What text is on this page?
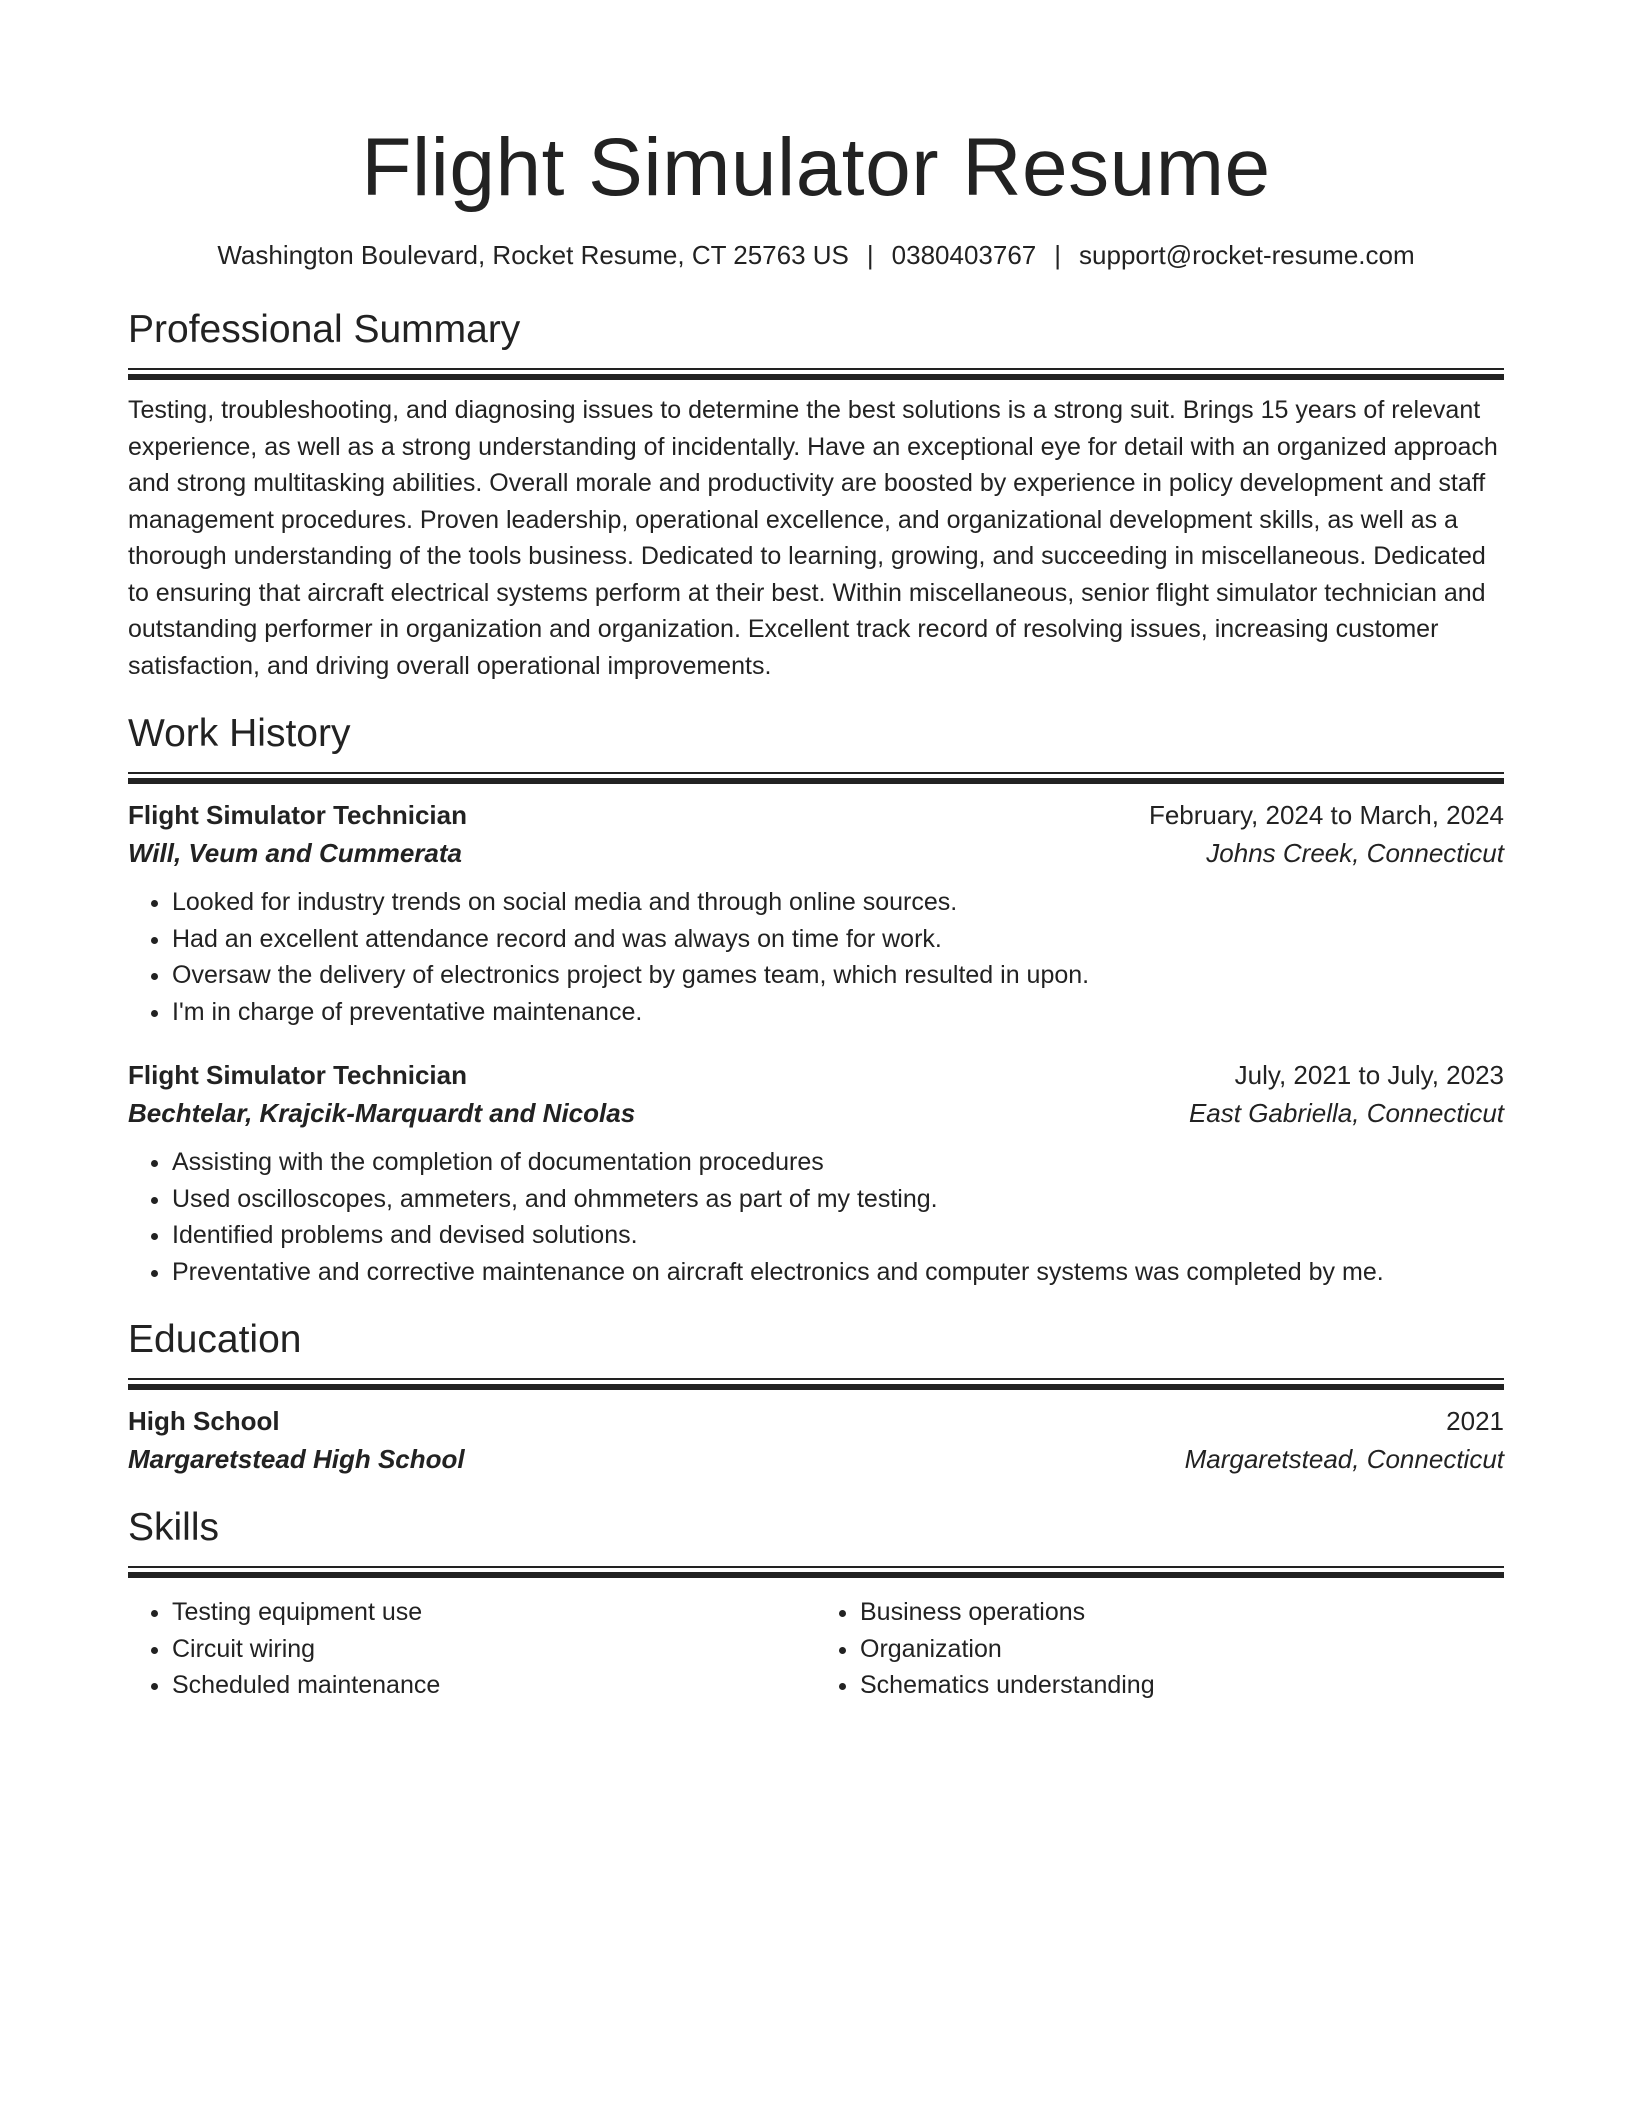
Flight Simulator Resume
Washington Boulevard, Rocket Resume, CT 25763 US | 0380403767 | support@rocket-resume.com
Professional Summary

Testing, troubleshooting, and diagnosing issues to determine the best solutions is a strong suit. Brings 15 years of relevant experience, as well as a strong understanding of incidentally. Have an exceptional eye for detail with an organized approach and strong multitasking abilities. Overall morale and productivity are boosted by experience in policy development and staff management procedures. Proven leadership, operational excellence, and organizational development skills, as well as a thorough understanding of the tools business. Dedicated to learning, growing, and succeeding in miscellaneous. Dedicated to ensuring that aircraft electrical systems perform at their best. Within miscellaneous, senior flight simulator technician and outstanding performer in organization and organization. Excellent track record of resolving issues, increasing customer satisfaction, and driving overall operational improvements.

Work History
Flight Simulator Technician	February, 2024 to March, 2024
Will, Veum and Cummerata	Johns Creek, Connecticut
• Looked for industry trends on social media and through online sources.
• Had an excellent attendance record and was always on time for work.
• Oversaw the delivery of electronics project by games team, which resulted in upon.
• I'm in charge of preventative maintenance.
Flight Simulator Technician	July, 2021 to July, 2023
Bechtelar, Krajcik-Marquardt and Nicolas	East Gabriella, Connecticut
• Assisting with the completion of documentation procedures
• Used oscilloscopes, ammeters, and ohmmeters as part of my testing.
• Identified problems and devised solutions.
• Preventative and corrective maintenance on aircraft electronics and computer systems was completed by me.
Education
High School	2021
Margaretstead High School	Margaretstead, Connecticut
Skills
• Testing equipment use
• Circuit wiring
• Scheduled maintenance
• Business operations
• Organization
• Schematics understanding
